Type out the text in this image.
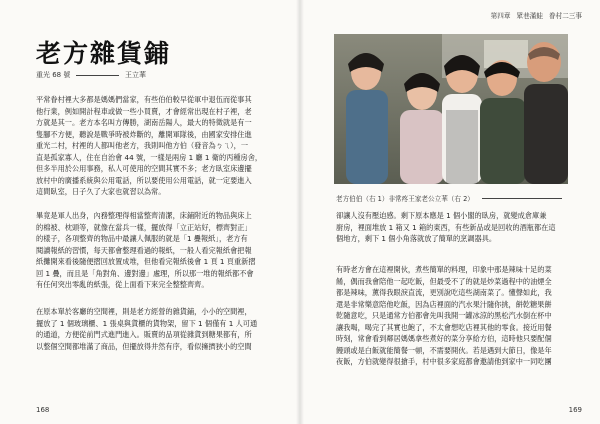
老方雜貨鋪
重光 68 號	王立華
平常眷村裡大多都是媽媽們當家，有些伯伯較早從軍中退伍而從事其
他行業，例如開計程車或做一些小買賣，才會經常出現在村子裡，老
方就是其一。老方本名叫方傳勝，湖南岳陽人，最大的特徵就是有一
隻腳不方便，聽說是戰爭時被炸斷的，離開軍隊後，由國家安排住進
重光二村，村裡的人都叫他老方，我則叫他方伯（發音為ㄅㄟ），一
直是孤家寡人，住在自治會 44 號，一樣是兩房 1 廳 1 衛的丙種房舍，
但多半用於公用事務，私人可使用的空間其實不多；老方臥室床邊擺
放村中的廣播系統與公用電話，所以要使用公用電話，就一定要進入
這間臥室，日子久了大家也就習以為常。
畢竟是軍人出身，內務整理得相當整齊清潔，床鋪附近的物品與床上
的棉被、枕頭等，就像在當兵一樣，擺放得「立正站好，標齊對正」
的樣子，各項整齊的物品中最讓人佩服的就是「1 疊報紙」，老方有
閱讀報紙的習慣，每天都會整理看過的報紙，一般人看完報紙會把報
紙攤開來看後隨便摺回放置成堆，但他看完報紙後會 1 頁 1 頁重新摺
回 1 疊，而且是「角對角、邊對邊」處理，所以那一堆的報紙都不會
有任何突出零亂的紙張，從上面看下來完全整整齊齊。
在原本單於客廳的空間裡，則是老方經營的雜貨鋪，小小的空間裡，
擺放了 1 個玻璃櫃、1 張桌與貨櫃的貨物架，留下 1 個僅有 1 人可通
的通道，方便從前門式進門進入。販賣的品項從雜貨到糖果都有，所
以整個空間都堆滿了商品，但擺放得井然有序，看似擁擠狹小的空間
168
第四章 眾巷滿蛙 眷村二三事
老方伯伯（右 1）非常疼王家老公立華（右 2）
卻讓人沒有壓迫感。剩下原本應是 1 個小閣的臥房，就變成倉庫兼
廚房，裡面堆放 1 箱又 1 箱的東西，有些新品或是回收的酒瓶都在這
個地方，剩下 1 個小角落就放了簡單的烹調器具。
有時老方會在這裡開伙，煮些簡單的料理，印象中那是辣味十足的菜
餚，偶而我會陪他一起吃飯，但最受不了的就是炒菜過程中的油煙全
都是辣味，薰得我眼淚直流，更別說吃這些湖南菜了。懂聲如此，我
還是非常樂意陪他吃飯，因為店裡面的汽水果汁隨你挑，餅乾糖果餅
乾隨意吃，只是通常方伯都會先叫我開一罐冰涼的黑松汽水倒在杯中
讓我喝，喝完了其實也飽了，不太會想吃店裡其他的零食。接近用餐
時刻，常會看到鄰居媽媽拿些煮好的菜分享給方伯，這時他只要配個
饅頭或是白飯就能簡餐一頓，不需要開伙。若是遇到大節日，像是年
夜飯，方伯就變得很搶手，村中很多家庭都會邀請他到家中一同吃團
169
